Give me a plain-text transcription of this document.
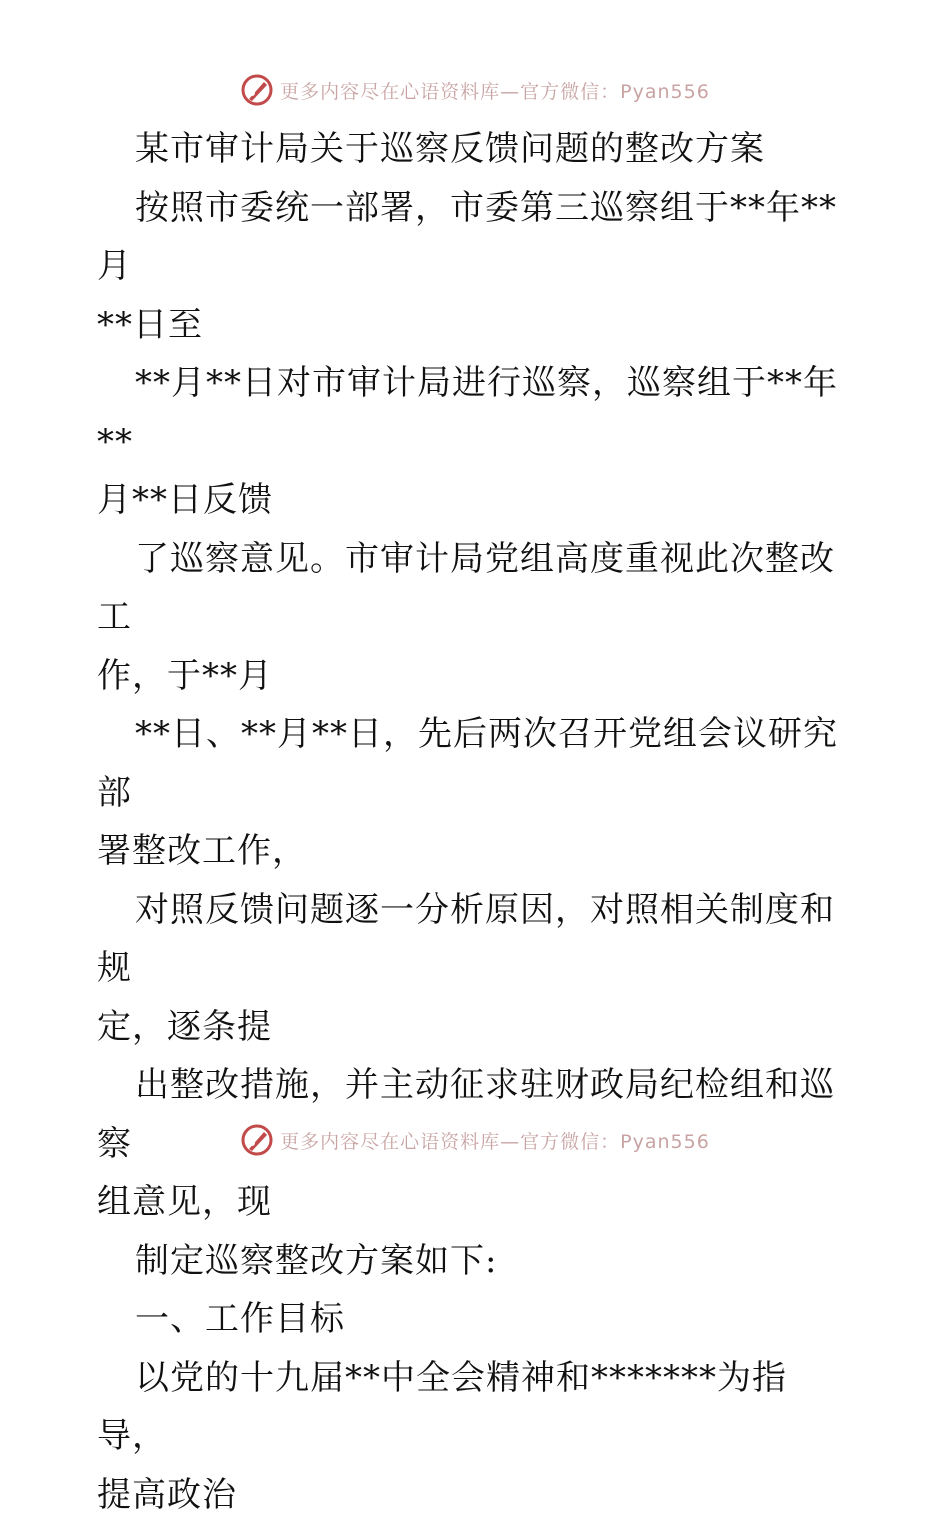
更多内容尽在心语资料库—官方微信：Pyan556

某市审计局关于巡察反馈问题的整改方案

按照市委统一部署，市委第三巡察组于**年**月

**日至

**月**日对市审计局进行巡察，巡察组于**年**

月**日反馈

了巡察意见。市审计局党组高度重视此次整改工

作，于**月

**日、**月**日，先后两次召开党组会议研究部

署整改工作，

对照反馈问题逐一分析原因，对照相关制度和规

定，逐条提

出整改措施，并主动征求驻财政局纪检组和巡察

组意见，现

制定巡察整改方案如下:

一、工作目标

以党的十九届**中全会精神和*******为指导，

提高政治

更多内容尽在心语资料库—官方微信：Pyan556
